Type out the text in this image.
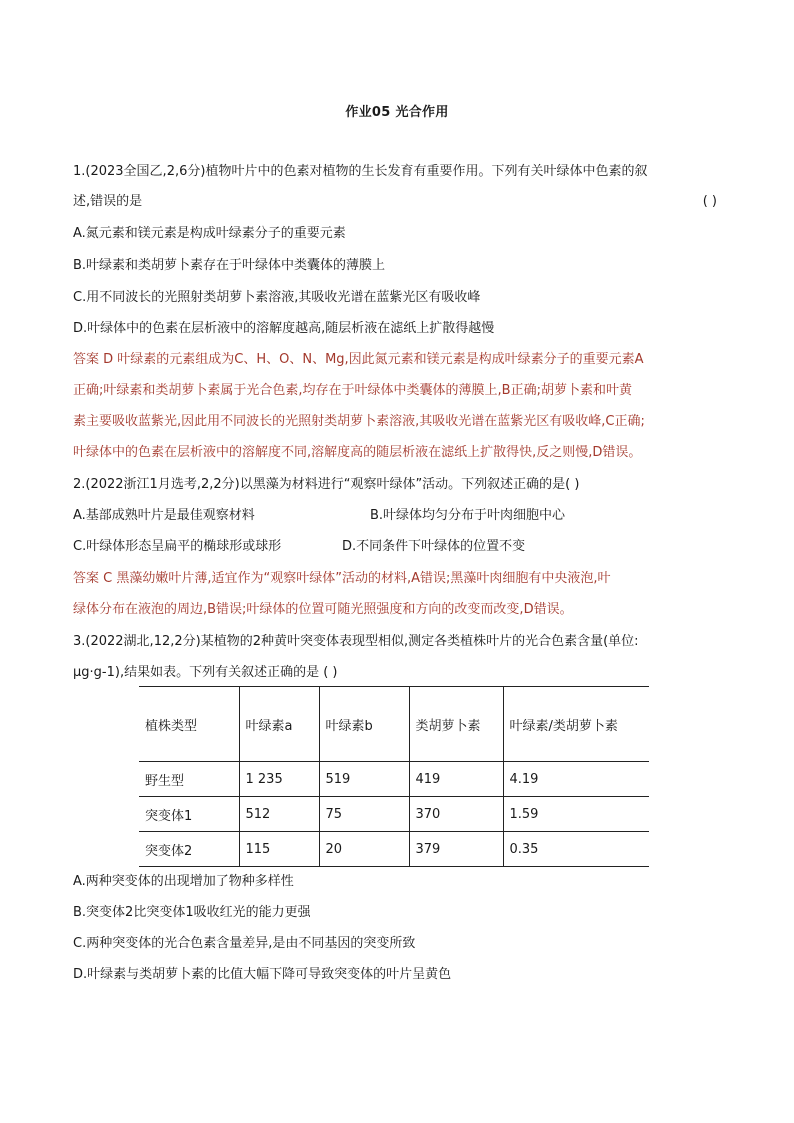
作业05 光合作用
1.(2023全国乙,2,6分)植物叶片中的色素对植物的生长发育有重要作用。下列有关叶绿体中色素的叙
述,错误的是	( )
A.氮元素和镁元素是构成叶绿素分子的重要元素
B.叶绿素和类胡萝卜素存在于叶绿体中类囊体的薄膜上
C.用不同波长的光照射类胡萝卜素溶液,其吸收光谱在蓝紫光区有吸收峰
D.叶绿体中的色素在层析液中的溶解度越高,随层析液在滤纸上扩散得越慢
答案 D 叶绿素的元素组成为C、H、O、N、Mg,因此氮元素和镁元素是构成叶绿素分子的重要元素A
正确;叶绿素和类胡萝卜素属于光合色素,均存在于叶绿体中类囊体的薄膜上,B正确;胡萝卜素和叶黄
素主要吸收蓝紫光,因此用不同波长的光照射类胡萝卜素溶液,其吸收光谱在蓝紫光区有吸收峰,C正确;
叶绿体中的色素在层析液中的溶解度不同,溶解度高的随层析液在滤纸上扩散得快,反之则慢,D错误。
2.(2022浙江1月选考,2,2分)以黑藻为材料进行“观察叶绿体”活动。下列叙述正确的是( )
A.基部成熟叶片是最佳观察材料	B.叶绿体均匀分布于叶肉细胞中心
C.叶绿体形态呈扁平的椭球形或球形	D.不同条件下叶绿体的位置不变
答案 C 黑藻幼嫩叶片薄,适宜作为“观察叶绿体”活动的材料,A错误;黑藻叶肉细胞有中央液泡,叶
绿体分布在液泡的周边,B错误;叶绿体的位置可随光照强度和方向的改变而改变,D错误。
3.(2022湖北,12,2分)某植物的2种黄叶突变体表现型相似,测定各类植株叶片的光合色素含量(单位:
μg·g-1),结果如表。下列有关叙述正确的是 ( )
植株类型	叶绿素a	叶绿素b	类胡萝卜素	叶绿素/类胡萝卜素
野生型	1 235	519	419	4.19
突变体1	512	75	370	1.59
突变体2	115	20	379	0.35
A.两种突变体的出现增加了物种多样性
B.突变体2比突变体1吸收红光的能力更强
C.两种突变体的光合色素含量差异,是由不同基因的突变所致
D.叶绿素与类胡萝卜素的比值大幅下降可导致突变体的叶片呈黄色
